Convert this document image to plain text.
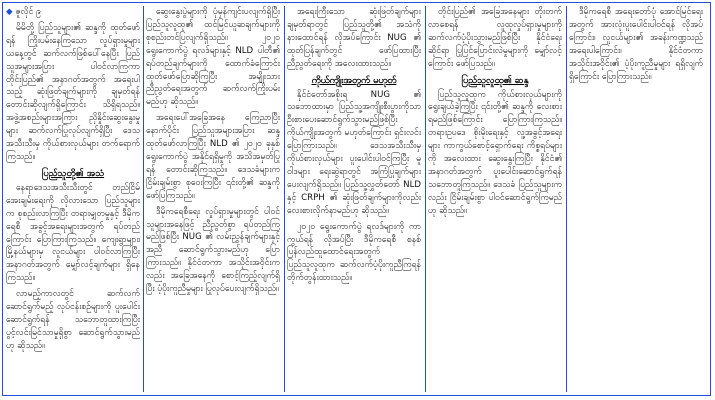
◆ ဇူလိုင် ၉

မိမိတို့ ပြည်သူများ၏ ဆန္ဒကို ထုတ်ဖော်ရန် ကြိုးပမ်းနေကြသော လှုပ်ရှားမှုများ ယနေ့တွင် ဆက်လက်ဖြစ်ပေါ်နေပြီး ပြည်သူအများအပြား ပါဝင်လာကြကာ တိုင်းပြည်၏ အနာဂတ်အတွက် အရေးပါသည့် ဆုံးဖြတ်ချက်များကို ချမှတ်ရန် တောင်းဆိုလျက်ရှိကြောင်း သိရှိရသည်။ အဖွဲ့အစည်းများအကြား ညှိနှိုင်းဆွေးနွေးမှုများ ဆက်လက်ပြုလုပ်လျက်ရှိပြီး ဒေသအသီးသီးမှ ကိုယ်စားလှယ်များ တက်ရောက်ကြသည်။

ပြည်သူတို့၏ အသံ

နေရာဒေသအသီးသီးတွင် တည်ငြိမ်အေးချမ်းရေးကို လိုလားသော ပြည်သူများက စုစည်းလာကြပြီး တရားမျှတမှုနှင့် ဒီမိုကရေစီ အခွင့်အရေးများအတွက် ရပ်တည်ကြောင်း ပြောကြားကြသည်။ ကျေးရွာများ၊ မြို့နယ်များမှ လူငယ်များ ပါဝင်လာကြပြီး အနာဂတ်အတွက် မျှော်လင့်ချက်များ ရှိနေကြသည်။

လာမည့်ကာလတွင် ဆက်လက်ဆောင်ရွက်မည့် လုပ်ငန်းစဉ်များကို ပူးပေါင်းဆောင်ရွက်ရန် သဘောတူထားကြပြီး ပွင့်လင်းမြင်သာမှုရှိစွာ ဆောင်ရွက်သွားမည်ဟု ဆိုသည်။

ဆွေးနွေးပွဲများကို ပုံမှန်ကျင်းပလျက်ရှိပြီး ပြည်သူလူထု၏ ထင်မြင်ယူဆချက်များကို စုစည်းတင်ပြလျက်ရှိသည်။ ၂၀၂၀ ရွေးကောက်ပွဲ ရလဒ်များနှင့် NLD ပါတီ၏ ရပ်တည်ချက်များကို ထောက်ခံကြောင်း ထုတ်ဖော်ပြောဆိုကြပြီး အမျိုးသားညီညွတ်ရေးအတွက် ဆက်လက်ကြိုးပမ်းမည်ဟု ဆိုသည်။

အရေးပေါ်အခြေအနေ ကြေညာပြီးနောက်ပိုင်း ပြည်သူအများအပြား ဆန္ဒထုတ်ဖော်လာကြပြီး NLD ၏ ၂၀၂၀ ခုနှစ် ရွေးကောက်ပွဲ အနိုင်ရရှိမှုကို အသိအမှတ်ပြုရန် တောင်းဆိုကြသည်။ ဒေသခံများက ငြိမ်းချမ်းစွာ စုဝေးကြပြီး ၎င်းတို့၏ ဆန္ဒကို ဖော်ပြကြသည်။

ဒီမိုကရေစီရေး လှုပ်ရှားမှုများတွင် ပါဝင်သူများအနေဖြင့် ညီညွတ်စွာ ရပ်တည်ကြမည်ဖြစ်ပြီး NUG ၏ လမ်းညွှန်ချက်များနှင့်အညီ ဆောင်ရွက်သွားမည်ဟု ပြောကြားသည်။ နိုင်ငံတကာ အသိုင်းအဝိုင်းကလည်း အခြေအနေကို စောင့်ကြည့်လျက်ရှိပြီး ပံ့ပိုးကူညီမှုများ ပြုလုပ်ပေးလျက်ရှိသည်။

အရေးကြီးသော ဆုံးဖြတ်ချက်များ ချမှတ်ရာတွင် ပြည်သူတို့၏ အသံကို နားထောင်ရန် လိုအပ်ကြောင်း NUG ၏ ထုတ်ပြန်ချက်တွင် ဖော်ပြထားပြီး ညီညွတ်ရေးကို အလေးထားသည်။

ကိုယ်ကျိုးအတွက် မဟုတ်

နိုင်ငံတော်အစိုးရ NUG ၏ သဘောထားမှာ ပြည်သူ့အကျိုးစီးပွားကိုသာ ဦးစားပေးဆောင်ရွက်သွားမည်ဖြစ်ပြီး ကိုယ်ကျိုးအတွက် မဟုတ်ကြောင်း ရှင်းလင်းပြောကြားသည်။ ဒေသအသီးသီးမှ ကိုယ်စားလှယ်များ ပူးပေါင်းပါဝင်ကြပြီး မူဝါဒများ ရေးဆွဲရာတွင် အကြံပြုချက်များ ပေးလျက်ရှိသည်။ ပြည်သူ့လွှတ်တော် NLD နှင့် CRPH ၏ ဆုံးဖြတ်ချက်များကိုလည်း လေးစားလိုက်နာမည်ဟု ဆိုသည်။

၂၀၂၀ ရွေးကောက်ပွဲ ရလဒ်များကို ကာကွယ်ရန် လိုအပ်ပြီး ဒီမိုကရေစီ စနစ် ပြန်လည်ထူထောင်ရေးအတွက် ပြည်သူလူထုက ဆက်လက်ပံ့ပိုးကူညီကြရန် တိုက်တွန်းထားသည်။

တိုင်းပြည်၏ အခြေအနေများ တိုးတက်လာစေရန် လူထုလှုပ်ရှားမှုများကို ဆက်လက်ပံ့ပိုးသွားမည်ဖြစ်ပြီး နိုင်ငံရေးဆိုင်ရာ ပြုပြင်ပြောင်းလဲမှုများကို မျှော်လင့်ကြောင်း ဖော်ပြသည်။

ပြည်သူလူထု၏ ဆန္ဒ

ပြည်သူလူထုက ကိုယ်စားလှယ်များကို ရွေးချယ်ခဲ့ကြပြီး ၎င်းတို့၏ ဆန္ဒကို လေးစားရမည်ဖြစ်ကြောင်း ပြောကြားကြသည်။ တရားဥပဒေ စိုးမိုးရေးနှင့် လူ့အခွင့်အရေးများ ကာကွယ်စောင့်ရှောက်ရေး ကိစ္စရပ်များကို အလေးထား ဆွေးနွေးကြပြီး နိုင်ငံ၏ အနာဂတ်အတွက် ပူးပေါင်းဆောင်ရွက်ရန် သဘောတူကြသည်။ ဒေသခံ ပြည်သူများကလည်း ငြိမ်းချမ်းစွာ ပါဝင်ဆောင်ရွက်ကြမည်ဟု ဆိုသည်။

ဒီမိုကရေစီ အရေးတော်ပုံ အောင်မြင်ရေးအတွက် အားလုံးပူးပေါင်းပါဝင်ရန် လိုအပ်ကြောင်း၊ လူငယ်များ၏ အခန်းကဏ္ဍသည် အရေးပါကြောင်း၊ နိုင်ငံတကာ အသိုင်းအဝိုင်း၏ ပံ့ပိုးကူညီမှုများ ရရှိလျက်ရှိကြောင်း ပြောကြားသည်။
